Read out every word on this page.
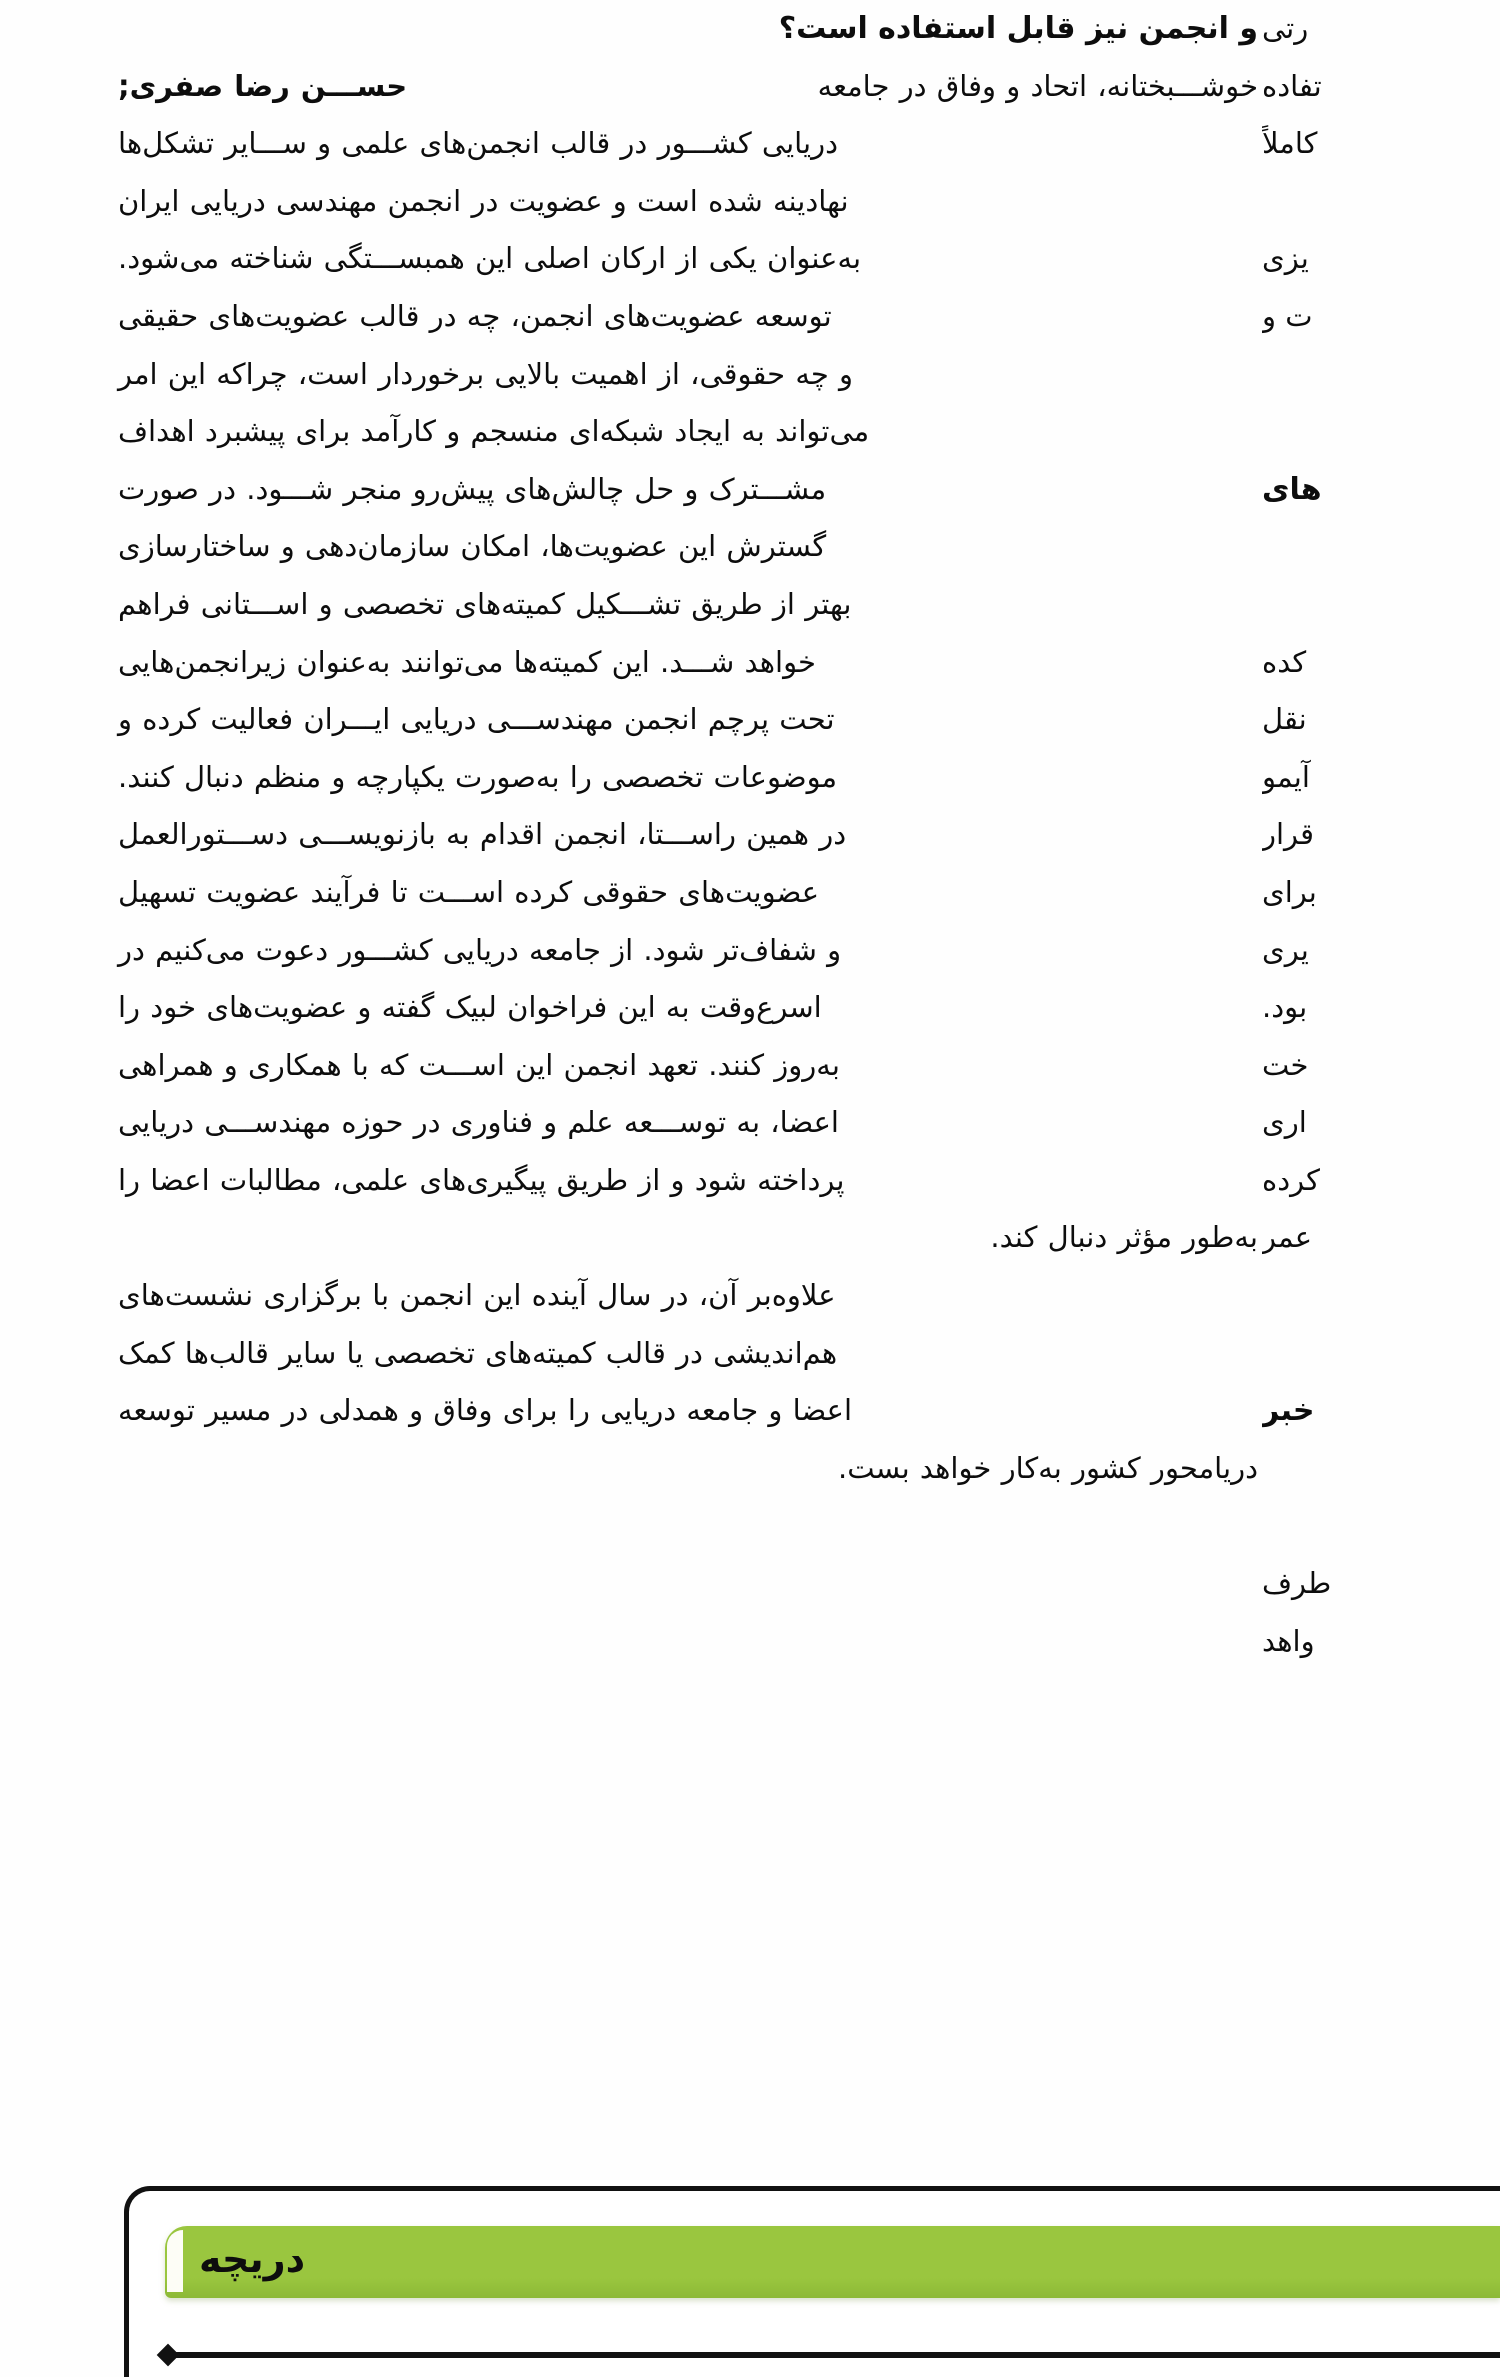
و انجمن نیز قابل استفاده است؟
حســـن رضا صفری;	خوشـــبختانه، اتحاد و وفاق در جامعه
دریایی کشـــور در قالب انجمن‌های علمی و ســـایر تشکل‌ها
نهادینه شده است و عضویت در انجمن مهندسی دریایی ایران
به‌عنوان یکی از ارکان اصلی این همبســـتگی شناخته می‌شود.
توسعه عضویت‌های انجمن، چه در قالب عضویت‌های حقیقی
و چه حقوقی، از اهمیت بالایی برخوردار است، چراکه این امر
می‌تواند به ایجاد شبکه‌ای منسجم و کارآمد برای پیشبرد اهداف
مشـــترک و حل چالش‌های پیش‌رو منجر شـــود. در صورت
گسترش این عضویت‌ها، امکان سازمان‌دهی و ساختارسازی
بهتر از طریق تشـــکیل کمیته‌های تخصصی و اســـتانی فراهم
خواهد شـــد. این کمیته‌ها می‌توانند به‌عنوان زیرانجمن‌هایی
تحت پرچم انجمن مهندســـی دریایی ایـــران فعالیت کرده و
موضوعات تخصصی را به‌صورت یکپارچه و منظم دنبال کنند.
در همین راســـتا، انجمن اقدام به بازنویســـی دســـتورالعمل
عضویت‌های حقوقی کرده اســـت تا فرآیند عضویت تسهیل
و شفاف‌تر شود. از جامعه دریایی کشـــور دعوت می‌کنیم در
اسرع‌وقت به این فراخوان لبیک گفته و عضویت‌های خود را
به‌روز کنند. تعهد انجمن این اســـت که با همکاری و همراهی
اعضا، به توســـعه علم و فناوری در حوزه مهندســـی دریایی
پرداخته شود و از طریق پیگیری‌های علمی، مطالبات اعضا را
به‌طور مؤثر دنبال کند.
علاوه‌بر آن، در سال آینده این انجمن با برگزاری نشست‌های
هم‌اندیشی در قالب کمیته‌های تخصصی یا سایر قالب‌ها کمک
اعضا و جامعه دریایی را برای وفاق و همدلی در مسیر توسعه
دریامحور کشور به‌کار خواهد بست.
رتی
تفاده
کاملاً
یزی
ت و
های
کده
نقل
آیمو
قرار
برای
یری
بود.
خت
اری
کرده
عمر
خبر
طرف
واهد
دریچه
